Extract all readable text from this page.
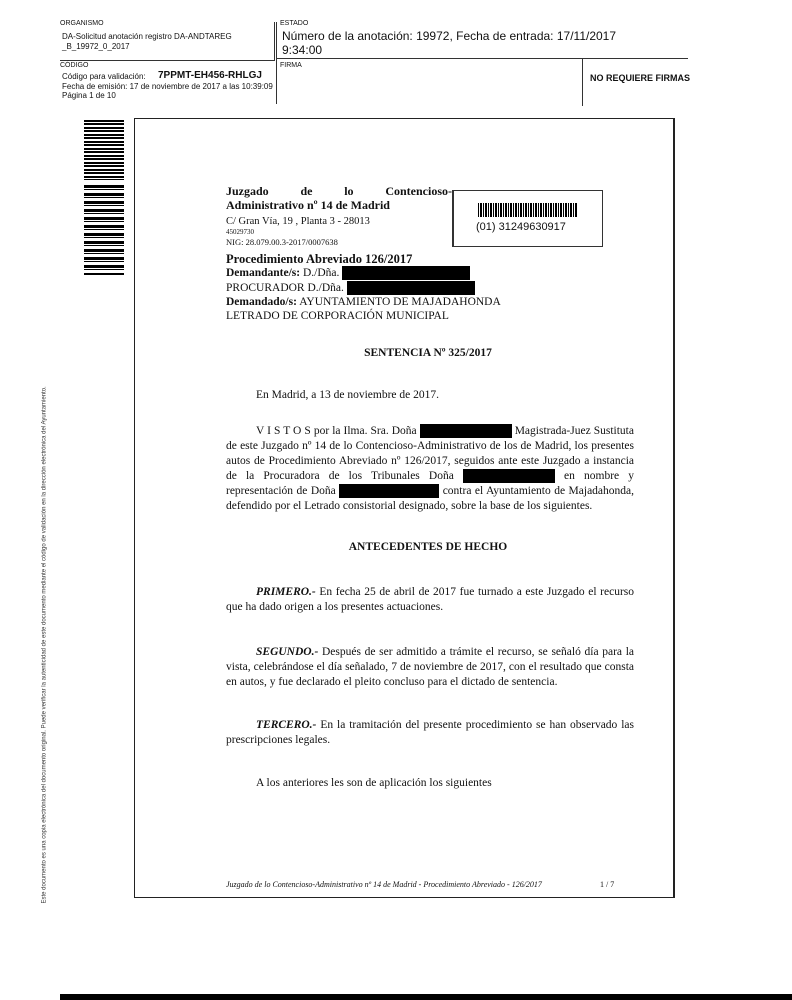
ORGANISMO
DA-Solicitud anotación registro DA-ANDTAREG
_B_19972_0_2017
ESTADO
Número de la anotación: 19972, Fecha de entrada: 17/11/2017 9:34:00
CÓDIGO
Código para validación: 7PPMT-EH456-RHLGJ
Fecha de emisión: 17 de noviembre de 2017 a las 10:39:09
Página 1 de 10
FIRMA
NO REQUIERE FIRMAS
Este documento es una copia electrónica del documento original. Puede verificar la autenticidad de este documento mediante el código de validación en la dirección electrónica del Ayuntamiento.
Juzgado de lo Contencioso-
Administrativo nº 14 de Madrid
C/ Gran Vía, 19 , Planta 3 - 28013
45029730
NIG: 28.079.00.3-2017/0007638
(01) 31249630917
Procedimiento Abreviado 126/2017
Demandante/s: D./Dña.
PROCURADOR D./Dña.
Demandado/s: AYUNTAMIENTO DE MAJADAHONDA
LETRADO DE CORPORACIÓN MUNICIPAL
SENTENCIA Nº 325/2017
En Madrid, a 13 de noviembre de 2017.
V I S T O S por la Ilma. Sra. Doña	Magistrada-Juez Sustituta de este Juzgado nº 14 de lo Contencioso-Administrativo de los de Madrid, los presentes autos de Procedimiento Abreviado nº 126/2017, seguidos ante este Juzgado a instancia de la Procuradora de los Tribunales Doña	en nombre y representación de Doña	contra el Ayuntamiento de Majadahonda, defendido por el Letrado consistorial designado, sobre la base de los siguientes.
ANTECEDENTES DE HECHO
PRIMERO.- En fecha 25 de abril de 2017 fue turnado a este Juzgado el recurso que ha dado origen a los presentes actuaciones.
SEGUNDO.- Después de ser admitido a trámite el recurso, se señaló día para la vista, celebrándose el día señalado, 7 de noviembre de 2017, con el resultado que consta en autos, y fue declarado el pleito concluso para el dictado de sentencia.
TERCERO.- En la tramitación del presente procedimiento se han observado las prescripciones legales.
A los anteriores les son de aplicación los siguientes
Juzgado de lo Contencioso-Administrativo nº 14 de Madrid - Procedimiento Abreviado - 126/2017	1 / 7
